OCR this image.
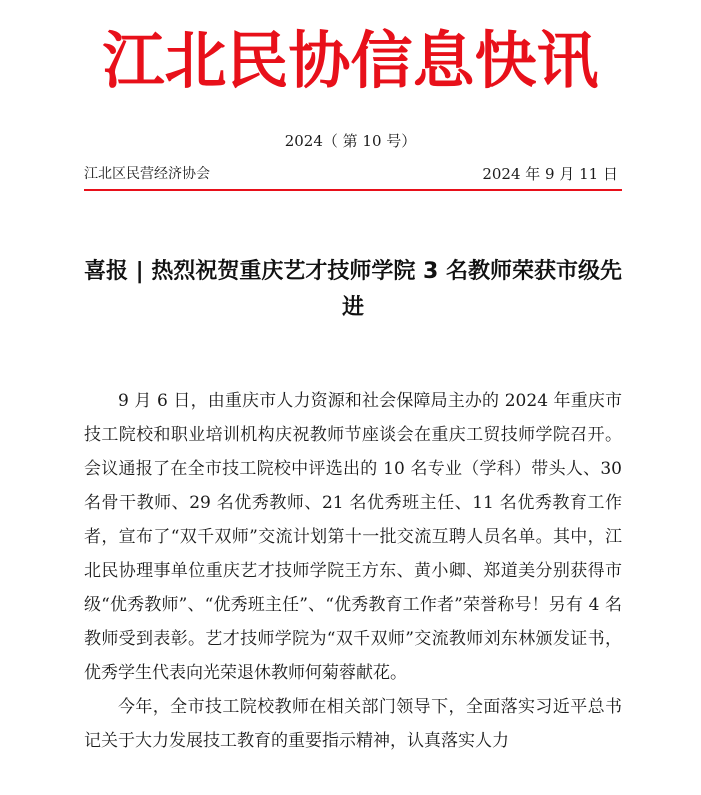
江北民协信息快讯
2024（ 第 10 号）
江北区民营经济协会	2024 年 9 月 11 日
喜报 | 热烈祝贺重庆艺才技师学院 3 名教师荣获市级先进

9 月 6 日，由重庆市人力资源和社会保障局主办的 2024 年重庆市技工院校和职业培训机构庆祝教师节座谈会在重庆工贸技师学院召开。会议通报了在全市技工院校中评选出的 10 名专业（学科）带头人、30 名骨干教师、29 名优秀教师、21 名优秀班主任、11 名优秀教育工作者，宣布了“双千双师”交流计划第十一批交流互聘人员名单。其中，江北民协理事单位重庆艺才技师学院王方东、黄小卿、郑道美分别获得市级“优秀教师”、“优秀班主任”、“优秀教育工作者”荣誉称号！另有 4 名教师受到表彰。艺才技师学院为“双千双师”交流教师刘东林颁发证书，优秀学生代表向光荣退休教师何菊蓉献花。

今年，全市技工院校教师在相关部门领导下，全面落实习近平总书记关于大力发展技工教育的重要指示精神，认真落实人力
